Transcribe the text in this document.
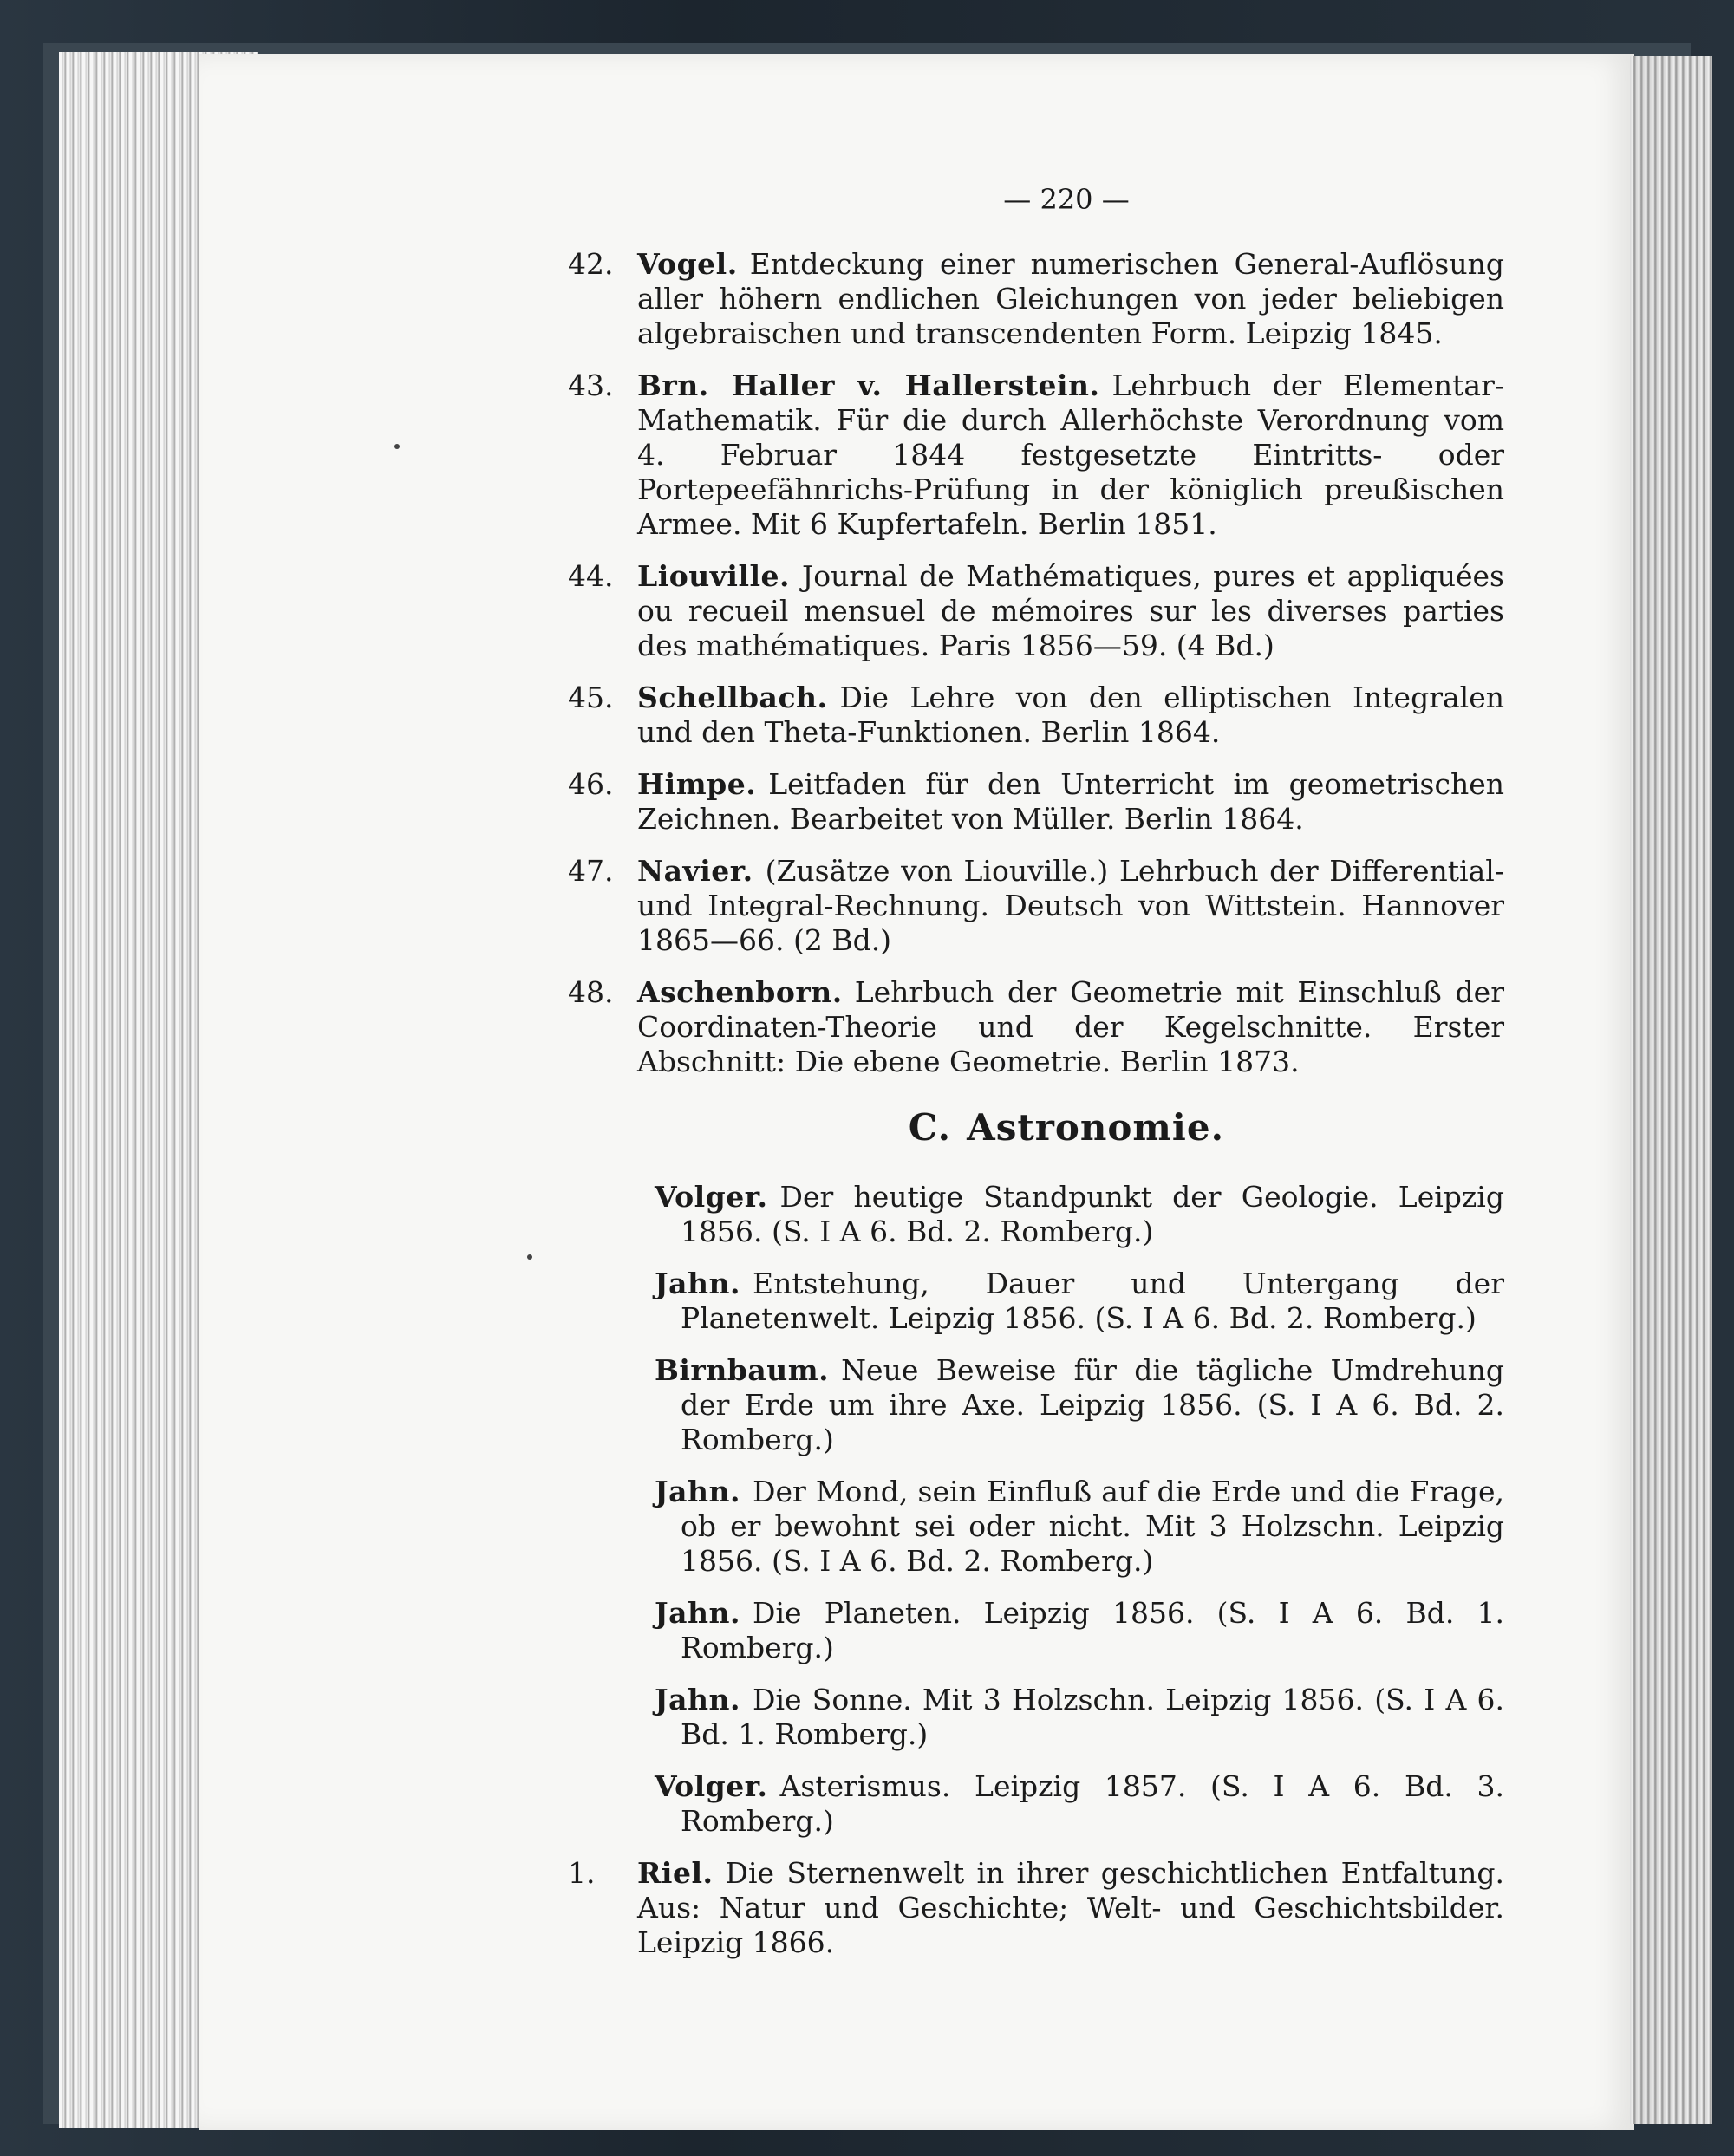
— 220 —
42. Vogel. Entdeckung einer numerischen General-Auflösung aller höhern endlichen Gleichungen von jeder beliebigen algebraischen und transcendenten Form. Leipzig 1845.
43. Brn. Haller v. Hallerstein. Lehrbuch der Elementar-Mathematik. Für die durch Allerhöchste Verordnung vom 4. Februar 1844 festgesetzte Eintritts- oder Portepeefähnrichs-Prüfung in der königlich preußischen Armee. Mit 6 Kupfertafeln. Berlin 1851.
44. Liouville. Journal de Mathématiques, pures et appliquées ou recueil mensuel de mémoires sur les diverses parties des mathématiques. Paris 1856—59. (4 Bd.)
45. Schellbach. Die Lehre von den elliptischen Integralen und den Theta-Funktionen. Berlin 1864.
46. Himpe. Leitfaden für den Unterricht im geometrischen Zeichnen. Bearbeitet von Müller. Berlin 1864.
47. Navier. (Zusätze von Liouville.) Lehrbuch der Differential- und Integral-Rechnung. Deutsch von Wittstein. Hannover 1865—66. (2 Bd.)
48. Aschenborn. Lehrbuch der Geometrie mit Einschluß der Coordinaten-Theorie und der Kegelschnitte. Erster Abschnitt: Die ebene Geometrie. Berlin 1873.
C. Astronomie.
Volger. Der heutige Standpunkt der Geologie. Leipzig 1856. (S. I A 6. Bd. 2. Romberg.)
Jahn. Entstehung, Dauer und Untergang der Planetenwelt. Leipzig 1856. (S. I A 6. Bd. 2. Romberg.)
Birnbaum. Neue Beweise für die tägliche Umdrehung der Erde um ihre Axe. Leipzig 1856. (S. I A 6. Bd. 2. Romberg.)
Jahn. Der Mond, sein Einfluß auf die Erde und die Frage, ob er bewohnt sei oder nicht. Mit 3 Holzschn. Leipzig 1856. (S. I A 6. Bd. 2. Romberg.)
Jahn. Die Planeten. Leipzig 1856. (S. I A 6. Bd. 1. Romberg.)
Jahn. Die Sonne. Mit 3 Holzschn. Leipzig 1856. (S. I A 6. Bd. 1. Romberg.)
Volger. Asterismus. Leipzig 1857. (S. I A 6. Bd. 3. Romberg.)
1. Riel. Die Sternenwelt in ihrer geschichtlichen Entfaltung. Aus: Natur und Geschichte; Welt- und Geschichtsbilder. Leipzig 1866.
